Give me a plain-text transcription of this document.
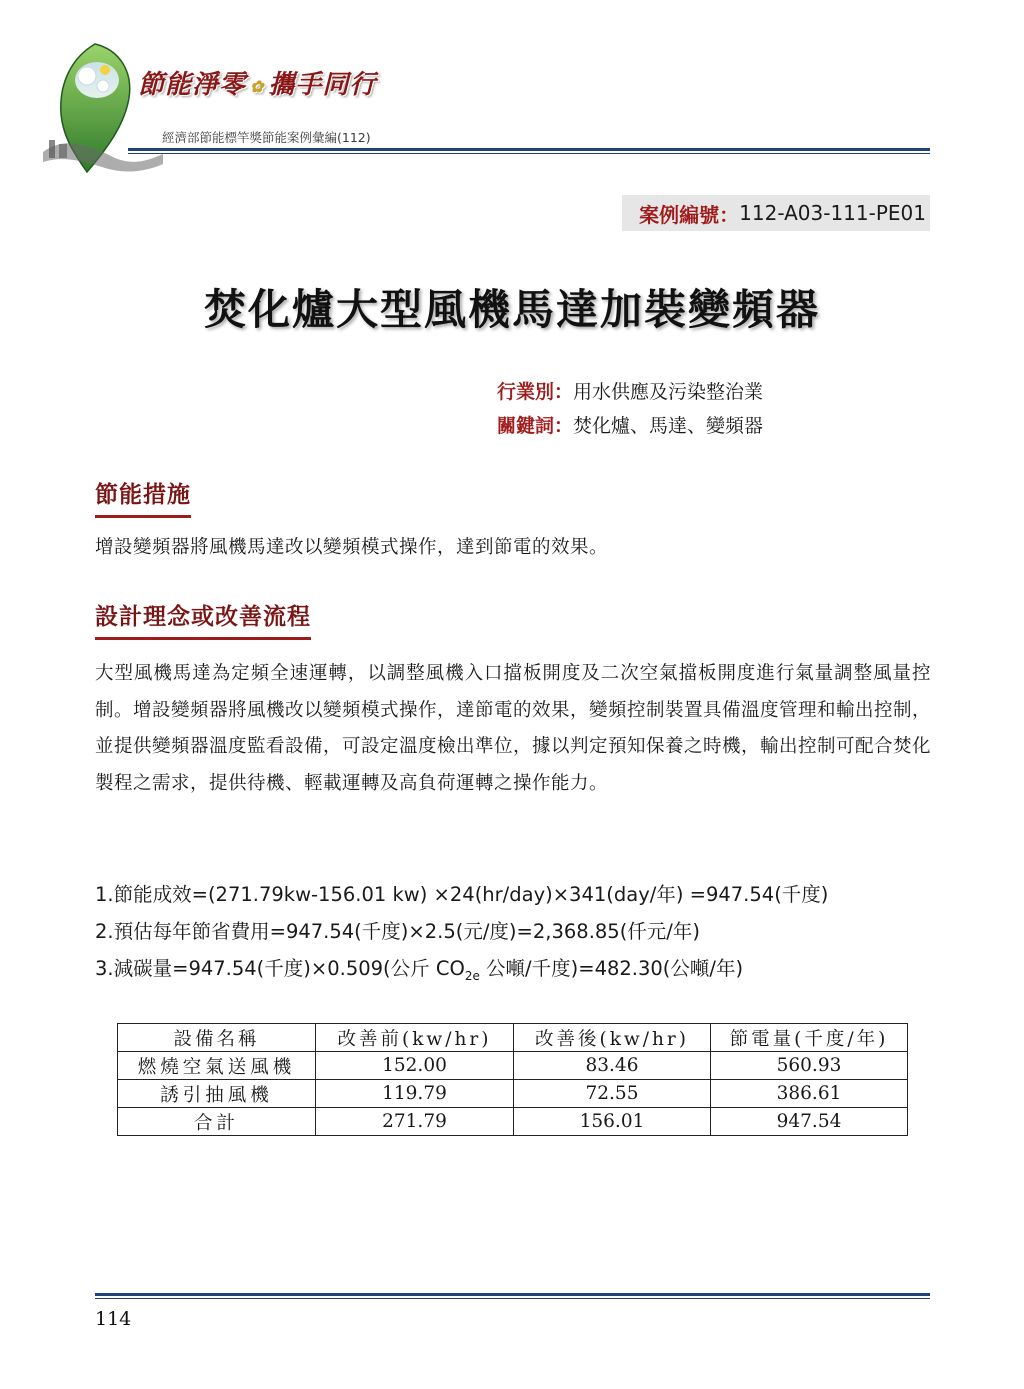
節能淨零 ✿ 攜手同行
經濟部節能標竿獎節能案例彙編(112)
案例編號： 112-A03-111-PE01
焚化爐大型風機馬達加裝變頻器
行業別：用水供應及污染整治業
關鍵詞：焚化爐、馬達、變頻器
節能措施
增設變頻器將風機馬達改以變頻模式操作，達到節電的效果。
設計理念或改善流程
大型風機馬達為定頻全速運轉，以調整風機入口擋板開度及二次空氣擋板開度進行氣量調整風量控制。增設變頻器將風機改以變頻模式操作，達節電的效果，變頻控制裝置具備溫度管理和輸出控制，並提供變頻器溫度監看設備，可設定溫度檢出準位，據以判定預知保養之時機，輸出控制可配合焚化製程之需求，提供待機、輕載運轉及高負荷運轉之操作能力。
1.節能成效=(271.79kw-156.01 kw) ×24(hr/day)×341(day/年) =947.54(千度)
2.預估每年節省費用=947.54(千度)×2.5(元/度)=2,368.85(仟元/年)
3.減碳量=947.54(千度)×0.509(公斤 $CO_{2e}$ 公噸/千度)=482.30(公噸/年)
設備名稱	改善前(kw/hr)	改善後(kw/hr)	節電量(千度/年)
燃燒空氣送風機	152.00	83.46	560.93
誘引抽風機	119.79	72.55	386.61
合計	271.79	156.01	947.54
114
